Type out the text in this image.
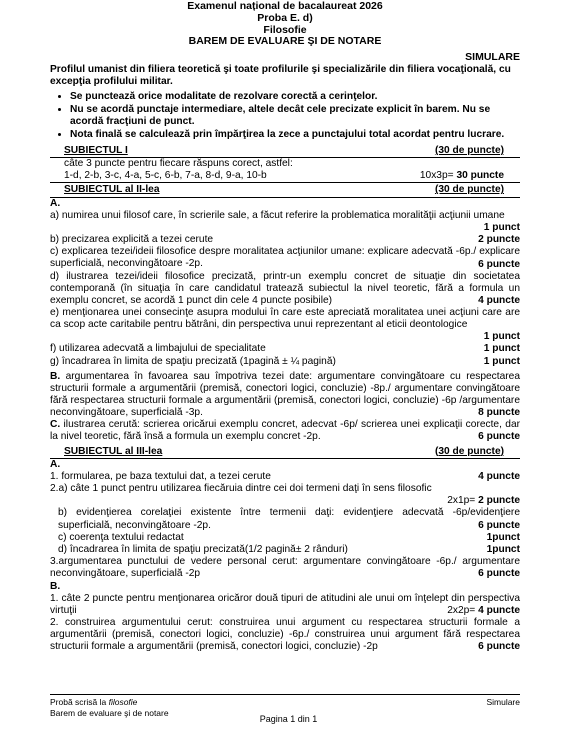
Examenul național de bacalaureat 2026
Proba E. d)
Filosofie
BAREM DE EVALUARE ŞI DE NOTARE
SIMULARE
Profilul umanist din filiera teoretică şi toate profilurile şi specializările din filiera vocaţională, cu excepţia profilului militar.
• Se punctează orice modalitate de rezolvare corectă a cerinţelor.
• Nu se acordă punctaje intermediare, altele decât cele precizate explicit în barem. Nu se acordă fracţiuni de punct.
• Nota finală se calculează prin împărţirea la zece a punctajului total acordat pentru lucrare.
SUBIECTUL I	(30 de puncte)
câte 3 puncte pentru fiecare răspuns corect, astfel:
1-d, 2-b, 3-c, 4-a, 5-c, 6-b, 7-a, 8-d, 9-a, 10-b	10x3p= 30 puncte
SUBIECTUL al II-lea	(30 de puncte)
A.
a) numirea unui filosof care, în scrierile sale, a făcut referire la problematica moralităţii acţiunii umane
1 punct
b) precizarea explicită a tezei cerute	2 puncte
c) explicarea tezei/ideii filosofice despre moralitatea acţiunilor umane: explicare adecvată -6p./ explicare superficială, neconvingătoare -2p.	6 puncte
d) ilustrarea tezei/ideii filosofice precizată, printr-un exemplu concret de situaţie din societatea contemporană (în situaţia în care candidatul tratează subiectul la nivel teoretic, fără a formula un exemplu concret, se acordă 1 punct din cele 4 puncte posibile)	4 puncte
e) menţionarea unei consecinţe asupra modului în care este apreciată moralitatea unei acţiuni care are ca scop acte caritabile pentru bătrâni, din perspectiva unui reprezentant al eticii deontologice
1 punct
f) utilizarea adecvată a limbajului de specialitate	1 punct
g) încadrarea în limita de spaţiu precizată (1pagină ± ¼ pagină)	1 punct
B. argumentarea în favoarea sau împotriva tezei date: argumentare convingătoare cu respectarea structurii formale a argumentării (premisă, conectori logici, concluzie) -8p./ argumentare convingătoare fără respectarea structurii formale a argumentării (premisă, conectori logici, concluzie) -6p /argumentare neconvingătoare, superficială -3p.	8 puncte
C. ilustrarea cerută: scrierea oricărui exemplu concret, adecvat -6p/ scrierea unei explicaţii corecte, dar la nivel teoretic, fără însă a formula un exemplu concret -2p.	6 puncte
SUBIECTUL al III-lea	(30 de puncte)
A.
1. formularea, pe baza textului dat, a tezei cerute	4 puncte
2.a) câte 1 punct pentru utilizarea fiecăruia dintre cei doi termeni daţi în sens filosofic
2x1p= 2 puncte
b) evidenţierea corelaţiei existente între termenii daţi: evidenţiere adecvată -6p/evidenţiere superficială, neconvingătoare -2p.	6 puncte
c) coerenţa textului redactat	1punct
d) încadrarea în limita de spaţiu precizată(1/2 pagină± 2 rânduri)	1punct
3.argumentarea punctului de vedere personal cerut: argumentare convingătoare -6p./ argumentare neconvingătoare, superficială -2p	6 puncte
B.
1. câte 2 puncte pentru menţionarea oricăror două tipuri de atitudini ale unui om înţelept din perspectiva virtuţii	2x2p= 4 puncte
2. construirea argumentului cerut: construirea unui argument cu respectarea structurii formale a argumentării (premisă, conectori logici, concluzie) -6p./ construirea unui argument fără respectarea structurii formale a argumentării (premisă, conectori logici, concluzie) -2p	6 puncte
Probă scrisă la filosofie	Simulare
Barem de evaluare şi de notare
Pagina 1 din 1
